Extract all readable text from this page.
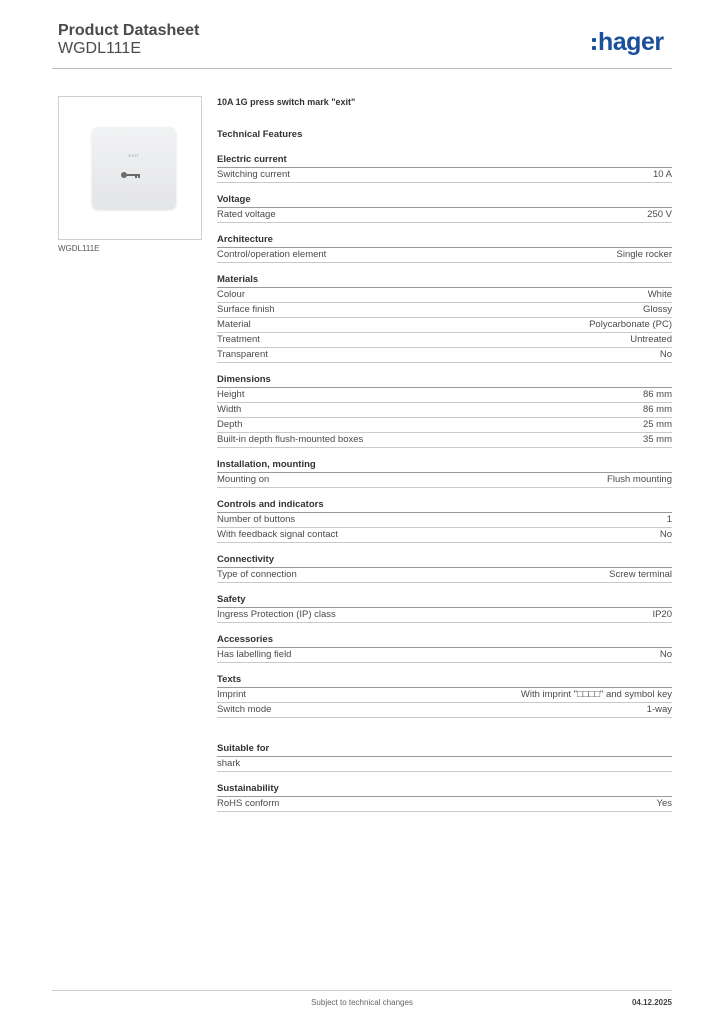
Product Datasheet
WGDL111E	hager
EXIT
WGDL111E
10A 1G press switch mark "exit"
Technical Features
Electric current
Switching current	10 A
Voltage
Rated voltage	250 V
Architecture
Control/operation element	Single rocker
Materials
Colour	White
Surface finish	Glossy
Material	Polycarbonate (PC)
Treatment	Untreated
Transparent	No
Dimensions
Height	86 mm
Width	86 mm
Depth	25 mm
Built-in depth flush-mounted boxes	35 mm
Installation, mounting
Mounting on	Flush mounting
Controls and indicators
Number of buttons	1
With feedback signal contact	No
Connectivity
Type of connection	Screw terminal
Safety
Ingress Protection (IP) class	IP20
Accessories
Has labelling field	No
Texts
Imprint	With imprint "□□□□" and symbol key
Switch mode	1-way
Suitable for
shark
Sustainability
RoHS conform	Yes
Subject to technical changes	04.12.2025
